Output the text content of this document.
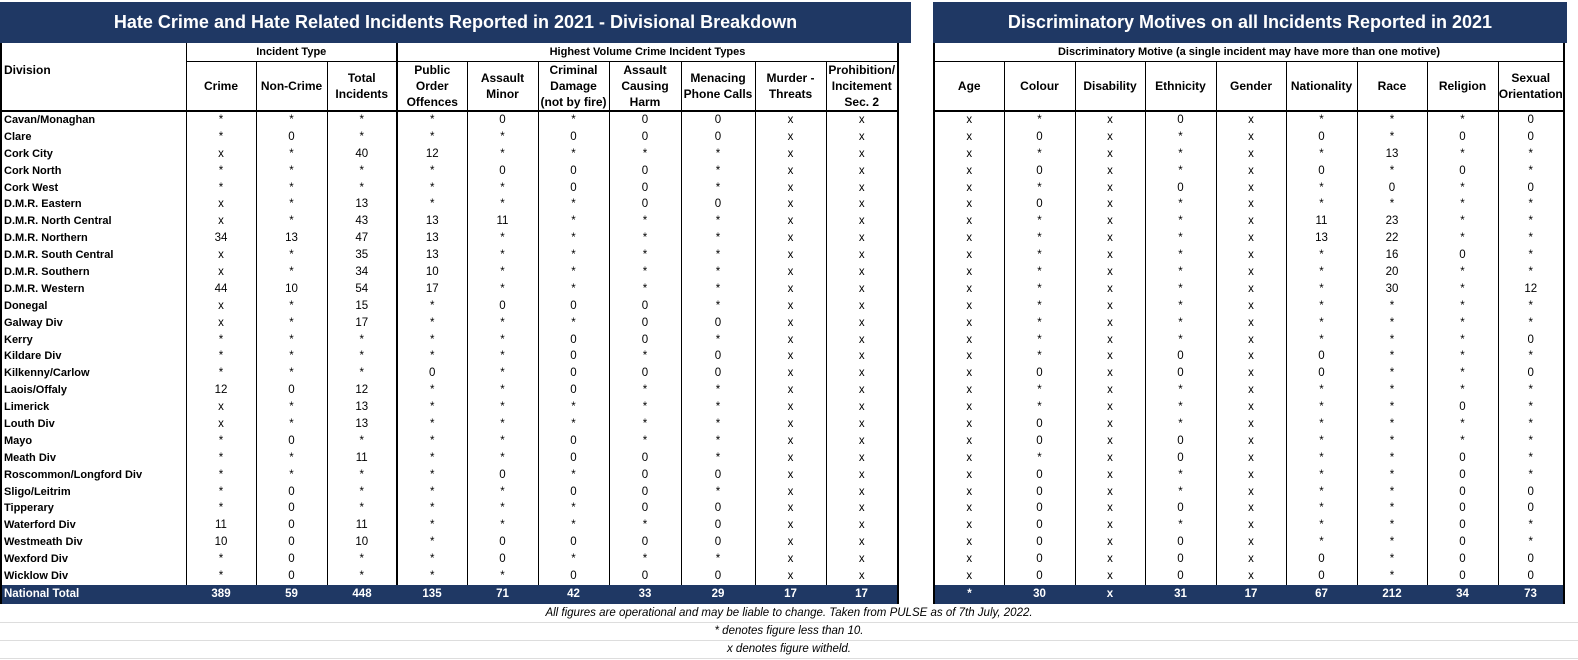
Hate Crime and Hate Related Incidents Reported in 2021 - Divisional Breakdown
	Incident Type			Highest Volume Crime Incident Types						
Division	Crime	Non-Crime	Total Incidents	Public Order Offences	Assault Minor	Criminal Damage (not by fire)	Assault Causing Harm	Menacing Phone Calls	Murder - Threats	Prohibition/ Incitement Sec. 2
Cavan/Monaghan	*	*	*	*	0	*	0	0	x	x
Clare	*	0	*	*	*	0	0	0	x	x
Cork City	x	*	40	12	*	*	*	*	x	x
Cork North	*	*	*	*	0	0	0	*	x	x
Cork West	*	*	*	*	*	0	0	*	x	x
D.M.R. Eastern	x	*	13	*	*	*	0	0	x	x
D.M.R. North Central	x	*	43	13	11	*	*	*	x	x
D.M.R. Northern	34	13	47	13	*	*	*	*	x	x
D.M.R. South Central	x	*	35	13	*	*	*	*	x	x
D.M.R. Southern	x	*	34	10	*	*	*	*	x	x
D.M.R. Western	44	10	54	17	*	*	*	*	x	x
Donegal	x	*	15	*	0	0	0	*	x	x
Galway Div	x	*	17	*	*	*	0	0	x	x
Kerry	*	*	*	*	*	0	0	*	x	x
Kildare Div	*	*	*	*	*	0	*	0	x	x
Kilkenny/Carlow	*	*	*	0	*	0	0	0	x	x
Laois/Offaly	12	0	12	*	*	0	*	*	x	x
Limerick	x	*	13	*	*	*	*	*	x	x
Louth Div	x	*	13	*	*	*	*	*	x	x
Mayo	*	0	*	*	*	0	*	*	x	x
Meath Div	*	*	11	*	*	0	0	*	x	x
Roscommon/Longford Div	*	*	*	*	0	*	0	0	x	x
Sligo/Leitrim	*	0	*	*	*	0	0	*	x	x
Tipperary	*	0	*	*	*	*	0	0	x	x
Waterford Div	11	0	11	*	*	*	*	0	x	x
Westmeath Div	10	0	10	*	0	0	0	0	x	x
Wexford Div	*	0	*	*	0	*	*	*	x	x
Wicklow Div	*	0	*	*	*	0	0	0	x	x
National Total	389	59	448	135	71	42	33	29	17	17
Discriminatory Motives on all Incidents Reported in 2021
Discriminatory Motive (a single incident may have more than one motive)								
Age	Colour	Disability	Ethnicity	Gender	Nationality	Race	Religion	Sexual Orientation
x	*	x	0	x	*	*	*	0
x	0	x	*	x	0	*	0	0
x	*	x	*	x	*	13	*	*
x	0	x	*	x	0	*	0	*
x	*	x	0	x	*	0	*	0
x	0	x	*	x	*	*	*	*
x	*	x	*	x	11	23	*	*
x	*	x	*	x	13	22	*	*
x	*	x	*	x	*	16	0	*
x	*	x	*	x	*	20	*	*
x	*	x	*	x	*	30	*	12
x	*	x	*	x	*	*	*	*
x	*	x	*	x	*	*	*	*
x	*	x	*	x	*	*	*	0
x	*	x	0	x	0	*	*	*
x	0	x	0	x	0	*	*	0
x	*	x	*	x	*	*	*	*
x	*	x	*	x	*	*	0	*
x	0	x	*	x	*	*	*	*
x	0	x	0	x	*	*	*	*
x	*	x	0	x	*	*	0	*
x	0	x	*	x	*	*	0	*
x	0	x	*	x	*	*	0	0
x	0	x	0	x	*	*	0	0
x	0	x	*	x	*	*	0	*
x	0	x	0	x	*	*	0	*
x	0	x	0	x	0	*	0	0
x	0	x	0	x	0	*	0	0
*	30	x	31	17	67	212	34	73
All figures are operational and may be liable to change. Taken from PULSE as of 7th July, 2022.
* denotes figure less than 10.
x denotes figure witheld.
